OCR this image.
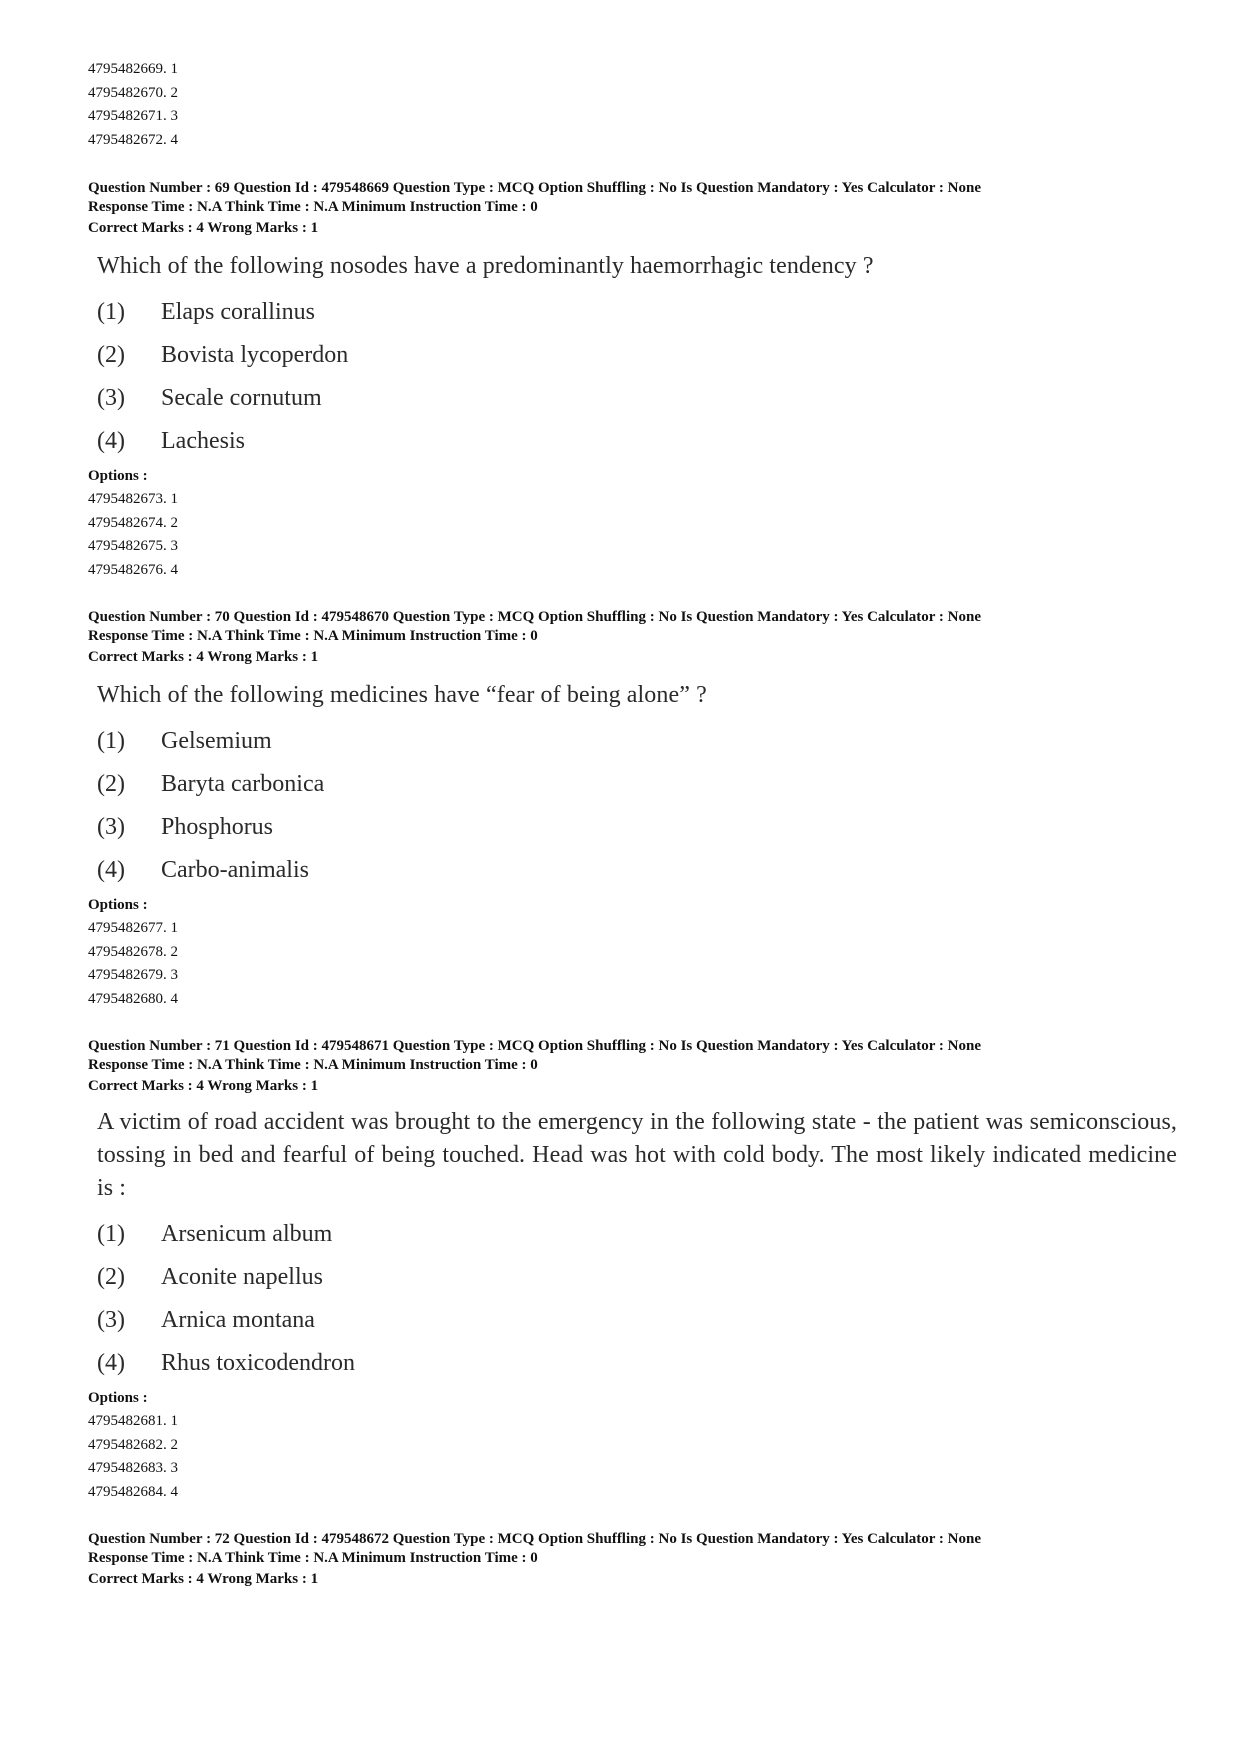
4795482669. 1
4795482670. 2
4795482671. 3
4795482672. 4
Question Number : 69 Question Id : 479548669 Question Type : MCQ Option Shuffling : No Is Question Mandatory : Yes Calculator : None
Response Time : N.A Think Time : N.A Minimum Instruction Time : 0
Correct Marks : 4 Wrong Marks : 1
Which of the following nosodes have a predominantly haemorrhagic tendency ?
(1)	Elaps corallinus
(2)	Bovista lycoperdon
(3)	Secale cornutum
(4)	Lachesis
Options :
4795482673. 1
4795482674. 2
4795482675. 3
4795482676. 4
Question Number : 70 Question Id : 479548670 Question Type : MCQ Option Shuffling : No Is Question Mandatory : Yes Calculator : None
Response Time : N.A Think Time : N.A Minimum Instruction Time : 0
Correct Marks : 4 Wrong Marks : 1
Which of the following medicines have “fear of being alone” ?
(1)	Gelsemium
(2)	Baryta carbonica
(3)	Phosphorus
(4)	Carbo-animalis
Options :
4795482677. 1
4795482678. 2
4795482679. 3
4795482680. 4
Question Number : 71 Question Id : 479548671 Question Type : MCQ Option Shuffling : No Is Question Mandatory : Yes Calculator : None
Response Time : N.A Think Time : N.A Minimum Instruction Time : 0
Correct Marks : 4 Wrong Marks : 1
A victim of road accident was brought to the emergency in the following state - the patient was semiconscious, tossing in bed and fearful of being touched. Head was hot with cold body. The most likely indicated medicine is :
(1)	Arsenicum album
(2)	Aconite napellus
(3)	Arnica montana
(4)	Rhus toxicodendron
Options :
4795482681. 1
4795482682. 2
4795482683. 3
4795482684. 4
Question Number : 72 Question Id : 479548672 Question Type : MCQ Option Shuffling : No Is Question Mandatory : Yes Calculator : None
Response Time : N.A Think Time : N.A Minimum Instruction Time : 0
Correct Marks : 4 Wrong Marks : 1
